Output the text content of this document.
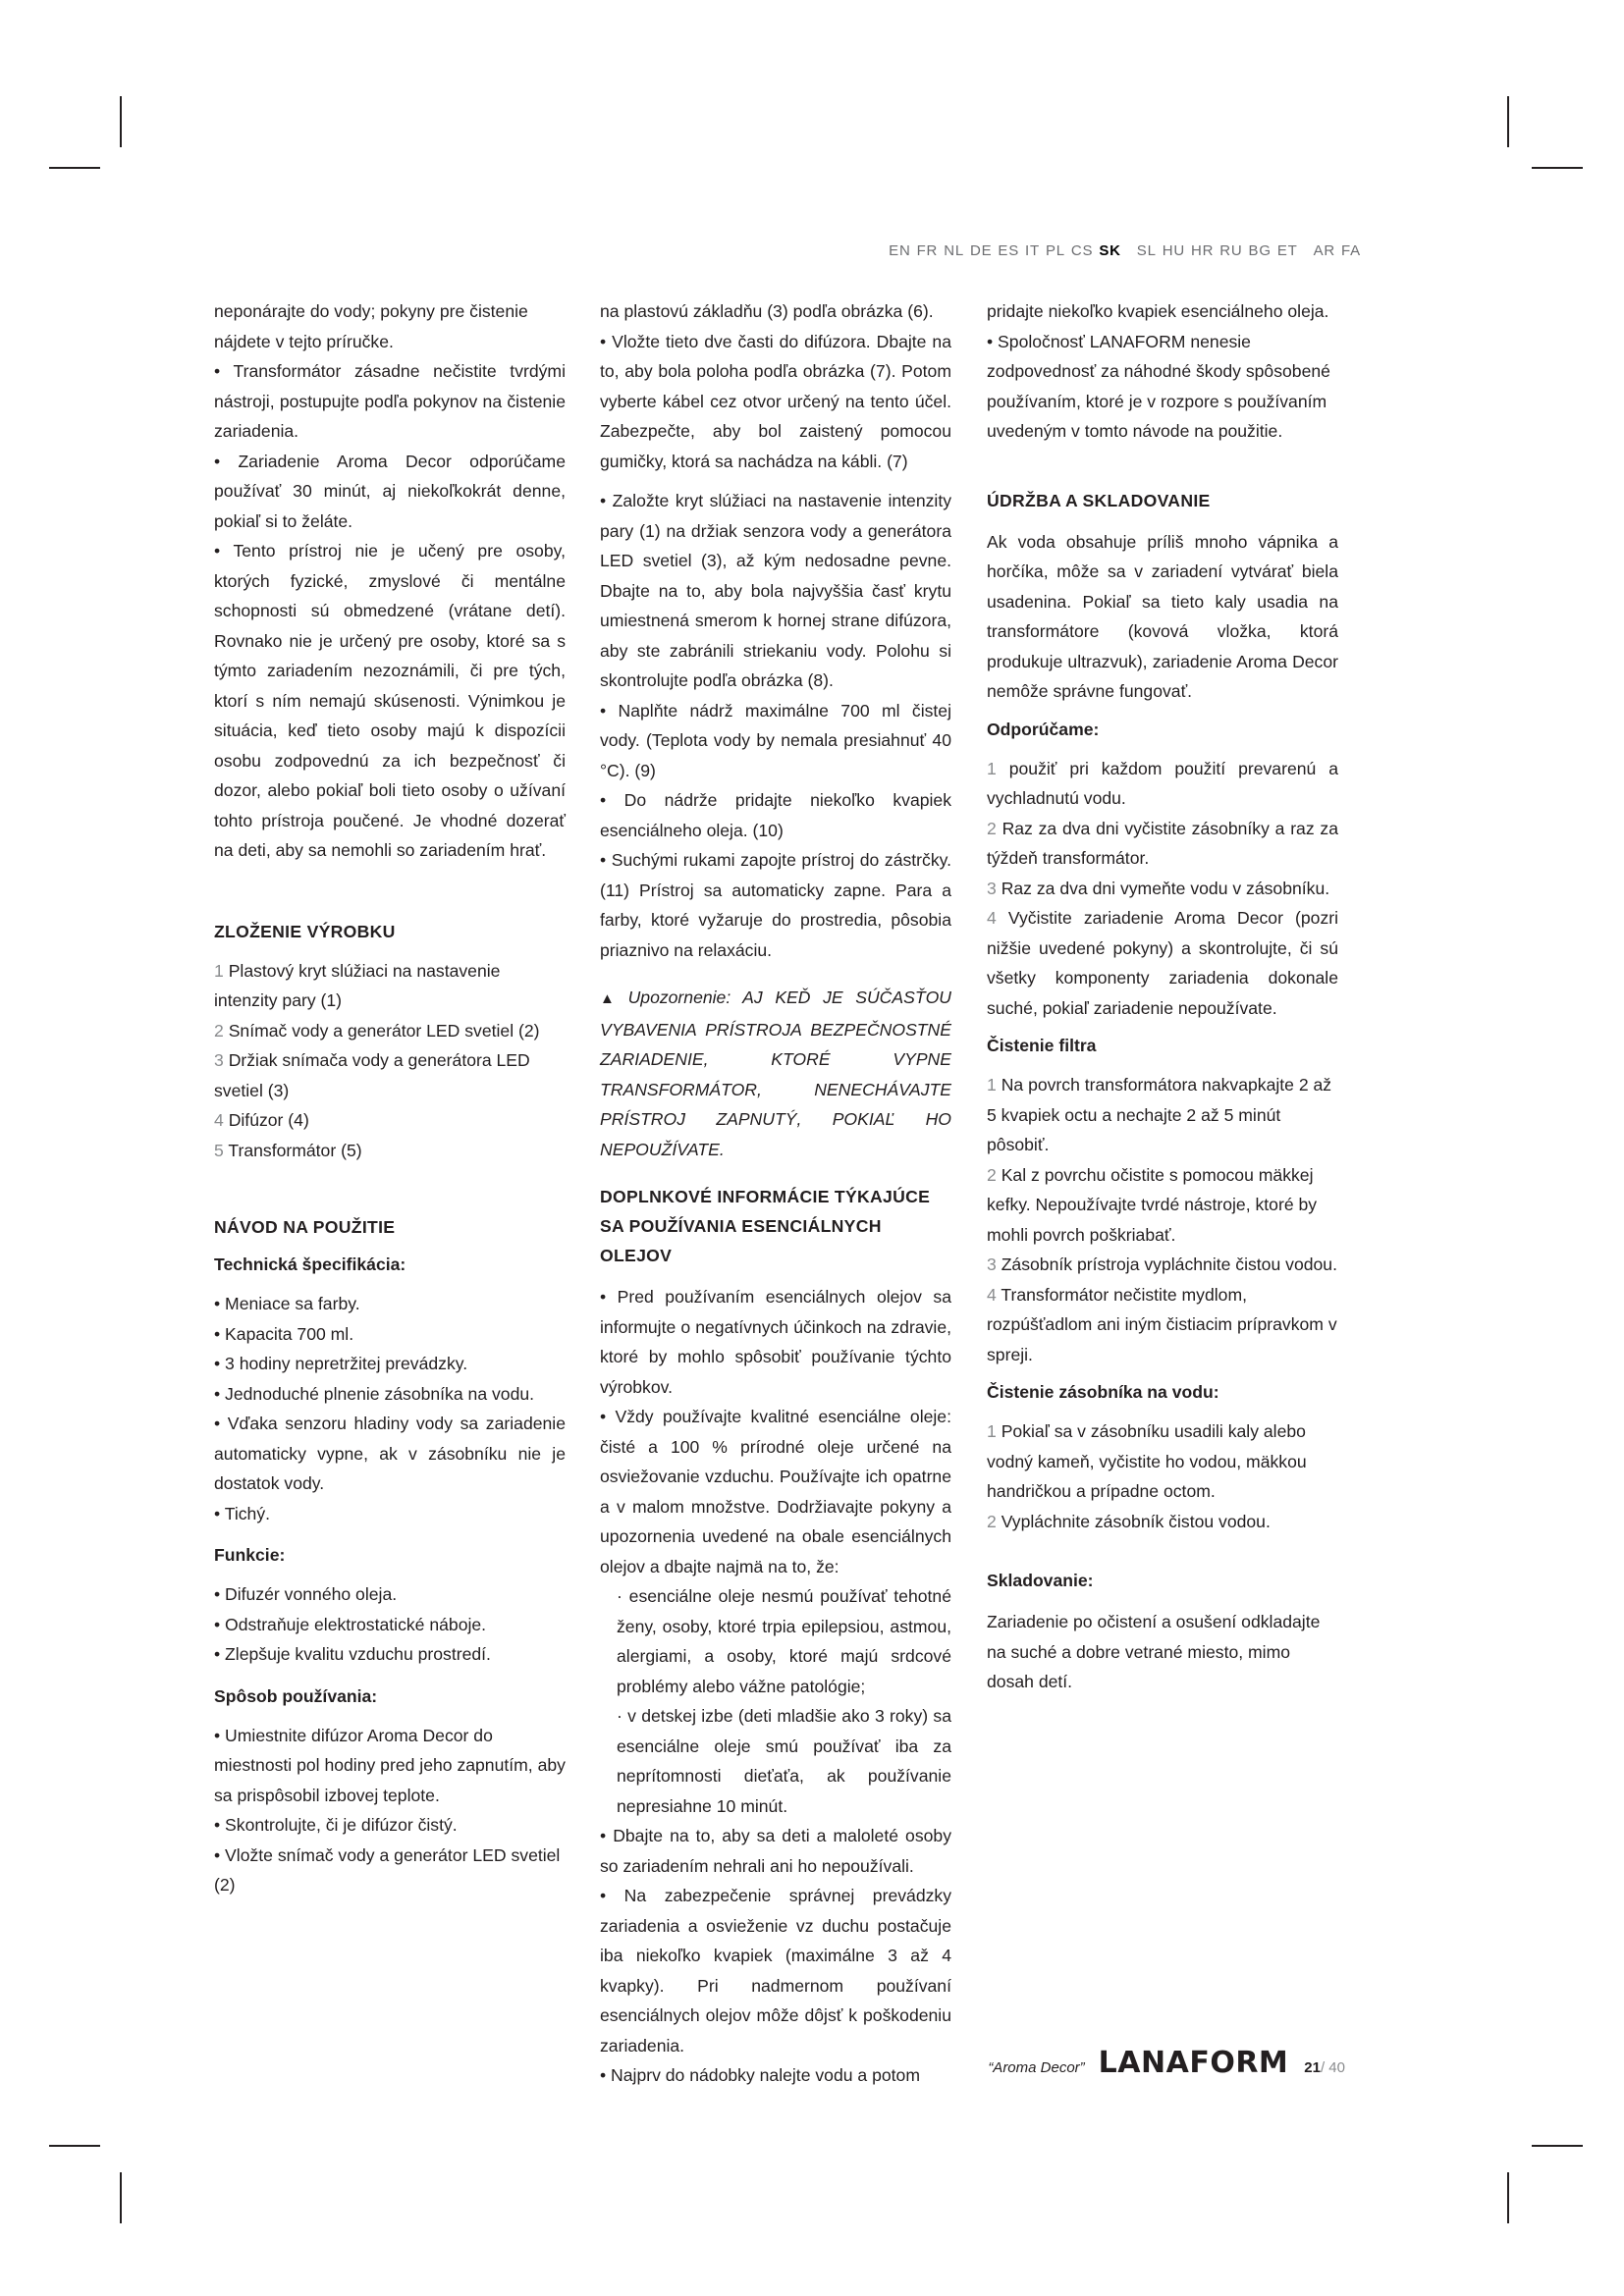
EN FR NL DE ES IT PL CS SK SL HU HR RU BG ET AR FA

neponárajte do vody; pokyny pre čistenie nájdete v tejto príručke.

• Transformátor zásadne nečistite tvrdými nástroji, postupujte podľa pokynov na čistenie zariadenia.

• Zariadenie Aroma Decor odporúčame používať 30 minút, aj niekoľkokrát denne, pokiaľ si to želáte.

• Tento prístroj nie je učený pre osoby, ktorých fyzické, zmyslové či mentálne schopnosti sú obmedzené (vrátane detí). Rovnako nie je určený pre osoby, ktoré sa s týmto zariadením nezoznámili, či pre tých, ktorí s ním nemajú skúsenosti. Výnimkou je situácia, keď tieto osoby majú k dispozícii osobu zodpovednú za ich bezpečnosť či dozor, alebo pokiaľ boli tieto osoby o užívaní tohto prístroja poučené. Je vhodné dozerať na deti, aby sa nemohli so zariadením hrať.

ZLOŽENIE VÝROBKU

1 Plastový kryt slúžiaci na nastavenie intenzity pary (1)

2 Snímač vody a generátor LED svetiel (2)

3 Držiak snímača vody a generátora LED svetiel (3)

4 Difúzor (4)

5 Transformátor (5)

NÁVOD NA POUŽITIE
Technická špecifikácia:

• Meniace sa farby.

• Kapacita 700 ml.

• 3 hodiny nepretržitej prevádzky.

• Jednoduché plnenie zásobníka na vodu.

• Vďaka senzoru hladiny vody sa zariadenie automaticky vypne, ak v zásobníku nie je dostatok vody.

• Tichý.

Funkcie:

• Difuzér vonného oleja.

• Odstraňuje elektrostatické náboje.

• Zlepšuje kvalitu vzduchu prostredí.

Spôsob používania:

• Umiestnite difúzor Aroma Decor do miestnosti pol hodiny pred jeho zapnutím, aby sa prispôsobil izbovej teplote.

• Skontrolujte, či je difúzor čistý.

• Vložte snímač vody a generátor LED svetiel (2)

na plastovú základňu (3) podľa obrázka (6).

• Vložte tieto dve časti do difúzora. Dbajte na to, aby bola poloha podľa obrázka (7). Potom vyberte kábel cez otvor určený na tento účel. Zabezpečte, aby bol zaistený pomocou gumičky, ktorá sa nachádza na kábli. (7)

• Založte kryt slúžiaci na nastavenie intenzity pary (1) na držiak senzora vody a generátora LED svetiel (3), až kým nedosadne pevne. Dbajte na to, aby bola najvyššia časť krytu umiestnená smerom k hornej strane difúzora, aby ste zabránili striekaniu vody. Polohu si skontrolujte podľa obrázka (8).

• Naplňte nádrž maximálne 700 ml čistej vody. (Teplota vody by nemala presiahnuť 40 °C). (9)

• Do nádrže pridajte niekoľko kvapiek esenciálneho oleja. (10)

• Suchými rukami zapojte prístroj do zástrčky. (11) Prístroj sa automaticky zapne. Para a farby, ktoré vyžaruje do prostredia, pôsobia priaznivo na relaxáciu.

▲ Upozornenie: AJ KEĎ JE SÚČASŤOU VYBAVENIA PRÍSTROJA BEZPEČNOSTNÉ ZARIADENIE, KTORÉ VYPNE TRANSFORMÁTOR, NENECHÁVAJTE PRÍSTROJ ZAPNUTÝ, POKIAĽ HO NEPOUŽÍVATE.

DOPLNKOVÉ INFORMÁCIE TÝKAJÚCE SA POUŽÍVANIA ESENCIÁLNYCH OLEJOV

• Pred používaním esenciálnych olejov sa informujte o negatívnych účinkoch na zdravie, ktoré by mohlo spôsobiť používanie týchto výrobkov.

• Vždy používajte kvalitné esenciálne oleje: čisté a 100 % prírodné oleje určené na osviežovanie vzduchu. Používajte ich opatrne a v malom množstve. Dodržiavajte pokyny a upozornenia uvedené na obale esenciálnych olejov a dbajte najmä na to, že:

· esenciálne oleje nesmú používať tehotné ženy, osoby, ktoré trpia epilepsiou, astmou, alergiami, a osoby, ktoré majú srdcové problémy alebo vážne patológie;

· v detskej izbe (deti mladšie ako 3 roky) sa esenciálne oleje smú používať iba za neprítomnosti dieťaťa, ak používanie nepresiahne 10 minút.

• Dbajte na to, aby sa deti a maloleté osoby so zariadením nehrali ani ho nepoužívali.

• Na zabezpečenie správnej prevádzky zariadenia a osvieženie vz duchu postačuje iba niekoľko kvapiek (maximálne 3 až 4 kvapky). Pri nadmernom používaní esenciálnych olejov môže dôjsť k poškodeniu zariadenia.

• Najprv do nádobky nalejte vodu a potom

pridajte niekoľko kvapiek esenciálneho oleja.

• Spoločnosť LANAFORM nenesie zodpovednosť za náhodné škody spôsobené používaním, ktoré je v rozpore s používaním uvedeným v tomto návode na použitie.

ÚDRŽBA A SKLADOVANIE

Ak voda obsahuje príliš mnoho vápnika a horčíka, môže sa v zariadení vytvárať biela usadenina. Pokiaľ sa tieto kaly usadia na transformátore (kovová vložka, ktorá produkuje ultrazvuk), zariadenie Aroma Decor nemôže správne fungovať.

Odporúčame:

1 použiť pri každom použití prevarenú a vychladnutú vodu.

2 Raz za dva dni vyčistite zásobníky a raz za týždeň transformátor.

3 Raz za dva dni vymeňte vodu v zásobníku.

4 Vyčistite zariadenie Aroma Decor (pozri nižšie uvedené pokyny) a skontrolujte, či sú všetky komponenty zariadenia dokonale suché, pokiaľ zariadenie nepoužívate.

Čistenie filtra

1 Na povrch transformátora nakvapkajte 2 až 5 kvapiek octu a nechajte 2 až 5 minút pôsobiť.

2 Kal z povrchu očistite s pomocou mäkkej kefky. Nepoužívajte tvrdé nástroje, ktoré by mohli povrch poškriabať.

3 Zásobník prístroja vypláchnite čistou vodou.

4 Transformátor nečistite mydlom, rozpúšťadlom ani iným čistiacim prípravkom v spreji.

Čistenie zásobníka na vodu:

1 Pokiaľ sa v zásobníku usadili kaly alebo vodný kameň, vyčistite ho vodou, mäkkou handričkou a prípadne octom.

2 Vypláchnite zásobník čistou vodou.

Skladovanie:

Zariadenie po očistení a osušení odkladajte na suché a dobre vetrané miesto, mimo dosah detí.

“Aroma Decor” LANAFORM 21 / 40
